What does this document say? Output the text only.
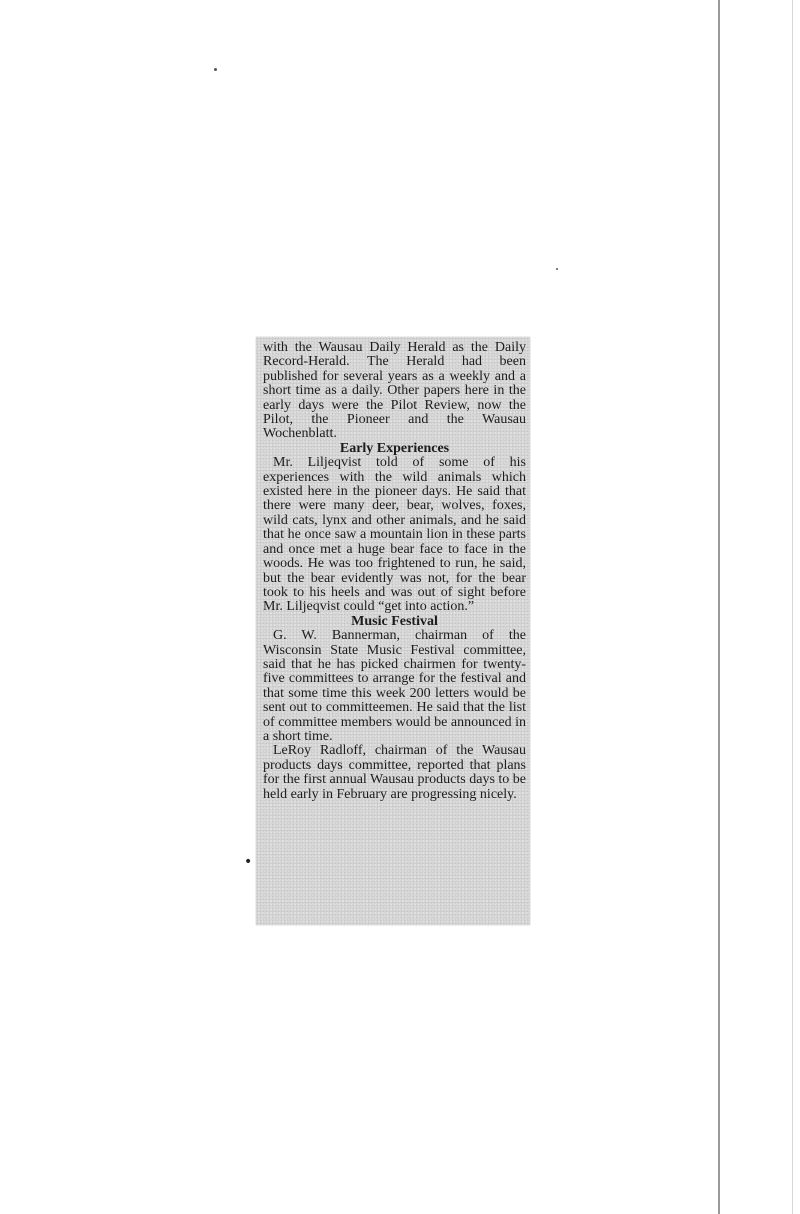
•

with the Wausau Daily Herald as the Daily Record-Herald. The Herald had been published for several years as a weekly and a short time as a daily. Other papers here in the early days were the Pilot Review, now the Pilot, the Pioneer and the Wausau Wochenblatt.

Early Experiences

Mr. Liljeqvist told of some of his experiences with the wild animals which existed here in the pioneer days. He said that there were many deer, bear, wolves, foxes, wild cats, lynx and other animals, and he said that he once saw a mountain lion in these parts and once met a huge bear face to face in the woods. He was too frightened to run, he said, but the bear evidently was not, for the bear took to his heels and was out of sight before Mr. Liljeqvist could “get into action.”

Music Festival

G. W. Bannerman, chairman of the Wisconsin State Music Festival committee, said that he has picked chairmen for twenty-five committees to arrange for the festival and that some time this week 200 letters would be sent out to committeemen. He said that the list of committee members would be announced in a short time.

LeRoy Radloff, chairman of the Wausau products days committee, reported that plans for the first annual Wausau products days to be held early in February are progressing nicely.
